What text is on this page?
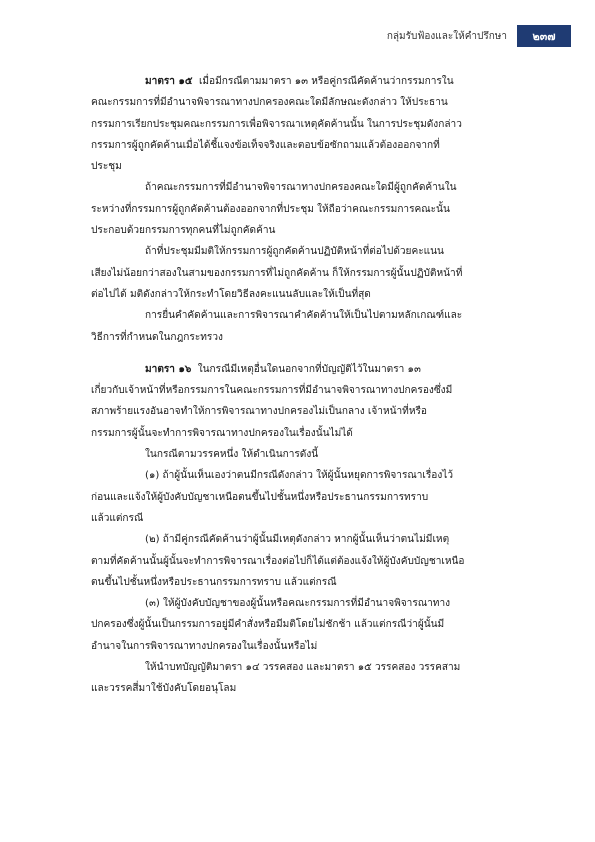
กลุ่มรับฟ้องและให้คำปรึกษา	๒๓๗

มาตรา ๑๕ เมื่อมีกรณีตามมาตรา ๑๓ หรือคู่กรณีคัดค้านว่ากรรมการใน

คณะกรรมการที่มีอำนาจพิจารณาทางปกครองคณะใดมีลักษณะดังกล่าว ให้ประธาน

กรรมการเรียกประชุมคณะกรรมการเพื่อพิจารณาเหตุคัดค้านนั้น ในการประชุมดังกล่าว

กรรมการผู้ถูกคัดค้านเมื่อได้ชี้แจงข้อเท็จจริงและตอบข้อซักถามแล้วต้องออกจากที่

ประชุม

ถ้าคณะกรรมการที่มีอำนาจพิจารณาทางปกครองคณะใดมีผู้ถูกคัดค้านใน

ระหว่างที่กรรมการผู้ถูกคัดค้านต้องออกจากที่ประชุม ให้ถือว่าคณะกรรมการคณะนั้น

ประกอบด้วยกรรมการทุกคนที่ไม่ถูกคัดค้าน

ถ้าที่ประชุมมีมติให้กรรมการผู้ถูกคัดค้านปฏิบัติหน้าที่ต่อไปด้วยคะแนน

เสียงไม่น้อยกว่าสองในสามของกรรมการที่ไม่ถูกคัดค้าน ก็ให้กรรมการผู้นั้นปฏิบัติหน้าที่

ต่อไปได้ มติดังกล่าวให้กระทำโดยวิธีลงคะแนนลับและให้เป็นที่สุด

การยื่นคำคัดค้านและการพิจารณาคำคัดค้านให้เป็นไปตามหลักเกณฑ์และ

วิธีการที่กำหนดในกฎกระทรวง

มาตรา ๑๖ ในกรณีมีเหตุอื่นใดนอกจากที่บัญญัติไว้ในมาตรา ๑๓

เกี่ยวกับเจ้าหน้าที่หรือกรรมการในคณะกรรมการที่มีอำนาจพิจารณาทางปกครองซึ่งมี

สภาพร้ายแรงอันอาจทำให้การพิจารณาทางปกครองไม่เป็นกลาง เจ้าหน้าที่หรือ

กรรมการผู้นั้นจะทำการพิจารณาทางปกครองในเรื่องนั้นไม่ได้

ในกรณีตามวรรคหนึ่ง ให้ดำเนินการดังนี้

(๑) ถ้าผู้นั้นเห็นเองว่าตนมีกรณีดังกล่าว ให้ผู้นั้นหยุดการพิจารณาเรื่องไว้

ก่อนและแจ้งให้ผู้บังคับบัญชาเหนือตนขึ้นไปชั้นหนึ่งหรือประธานกรรมการทราบ

แล้วแต่กรณี

(๒) ถ้ามีคู่กรณีคัดค้านว่าผู้นั้นมีเหตุดังกล่าว หากผู้นั้นเห็นว่าตนไม่มีเหตุ

ตามที่คัดค้านนั้นผู้นั้นจะทำการพิจารณาเรื่องต่อไปก็ได้แต่ต้องแจ้งให้ผู้บังคับบัญชาเหนือ

ตนขึ้นไปชั้นหนึ่งหรือประธานกรรมการทราบ แล้วแต่กรณี

(๓) ให้ผู้บังคับบัญชาของผู้นั้นหรือคณะกรรมการที่มีอำนาจพิจารณาทาง

ปกครองซึ่งผู้นั้นเป็นกรรมการอยู่มีคำสั่งหรือมีมติโดยไม่ชักช้า แล้วแต่กรณีว่าผู้นั้นมี

อำนาจในการพิจารณาทางปกครองในเรื่องนั้นหรือไม่

ให้นำบทบัญญัติมาตรา ๑๔ วรรคสอง และมาตรา ๑๕ วรรคสอง วรรคสาม

และวรรคสี่มาใช้บังคับโดยอนุโลม
